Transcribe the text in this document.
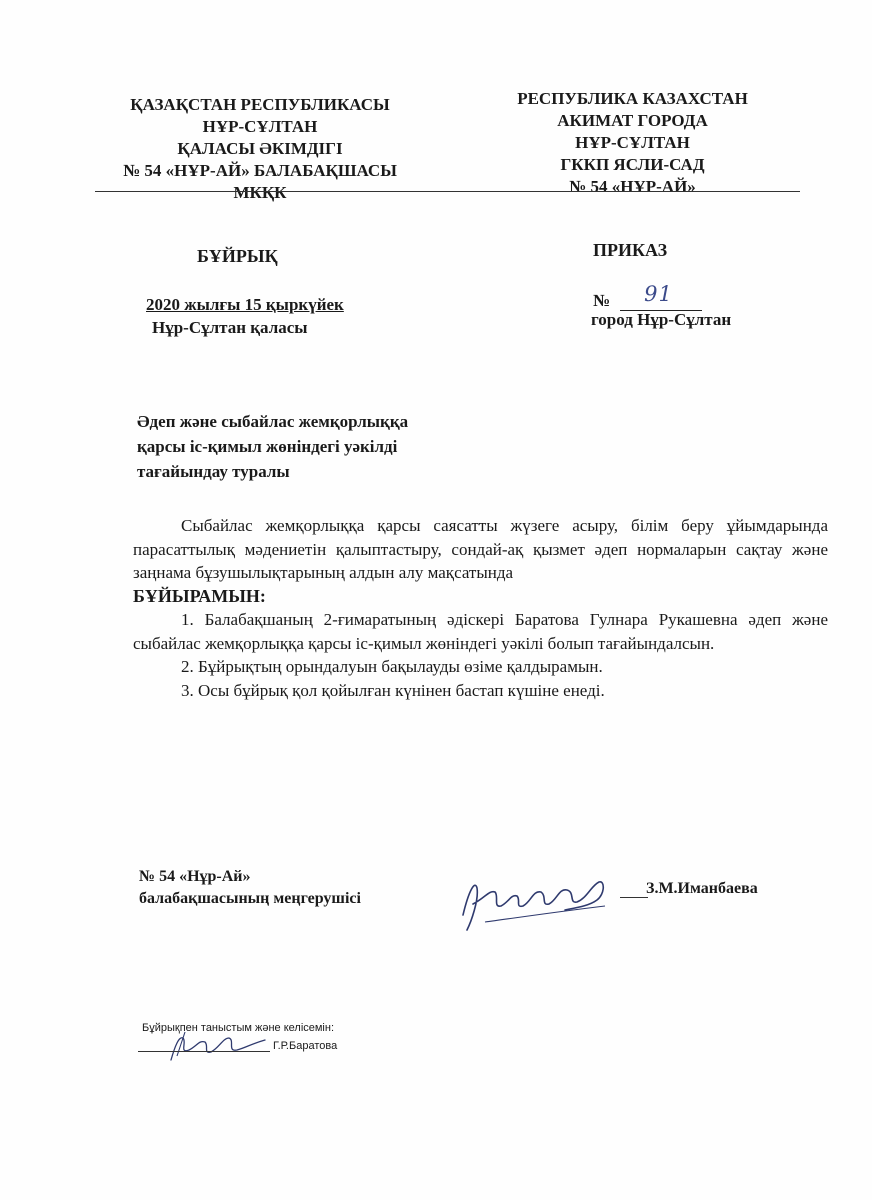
ҚАЗАҚСТАН РЕСПУБЛИКАСЫ
НҰР-СҰЛТАН
ҚАЛАСЫ ӘКІМДІГІ
№ 54 «НҰР-АЙ» БАЛАБАҚШАСЫ
МКҚК
РЕСПУБЛИКА КАЗАХСТАН
АКИМАТ ГОРОДА
НҰР-СҰЛТАН
ГККП ЯСЛИ-САД
№ 54 «НҰР-АЙ»
БҰЙРЫҚ	ПРИКАЗ
2020 жылғы 15 қыркүйек
Нұр-Сұлтан қаласы
№ 91
город Нұр-Сұлтан
Әдеп және сыбайлас жемқорлыққа
қарсы іс-қимыл жөніндегі уәкілді
тағайындау туралы

Сыбайлас жемқорлыққа қарсы саясатты жүзеге асыру, білім беру ұйымдарында парасаттылық мәдениетін қалыптастыру, сондай-ақ қызмет әдеп нормаларын сақтау және заңнама бұзушылықтарының алдын алу мақсатында

БҰЙЫРАМЫН:

1. Балабақшаның 2-ғимаратының әдіскері Баратова Гулнара Рукашевна әдеп және сыбайлас жемқорлыққа қарсы іс-қимыл жөніндегі уәкілі болып тағайындалсын.

2. Бұйрықтың орындалуын бақылауды өзіме қалдырамын.

3. Осы бұйрық қол қойылған күнінен бастап күшіне енеді.

№ 54 «Нұр-Ай»
балабақшасының меңгерушісі
З.М.Иманбаева
Бұйрықпен таныстым және келісемін:
Г.Р.Баратова
